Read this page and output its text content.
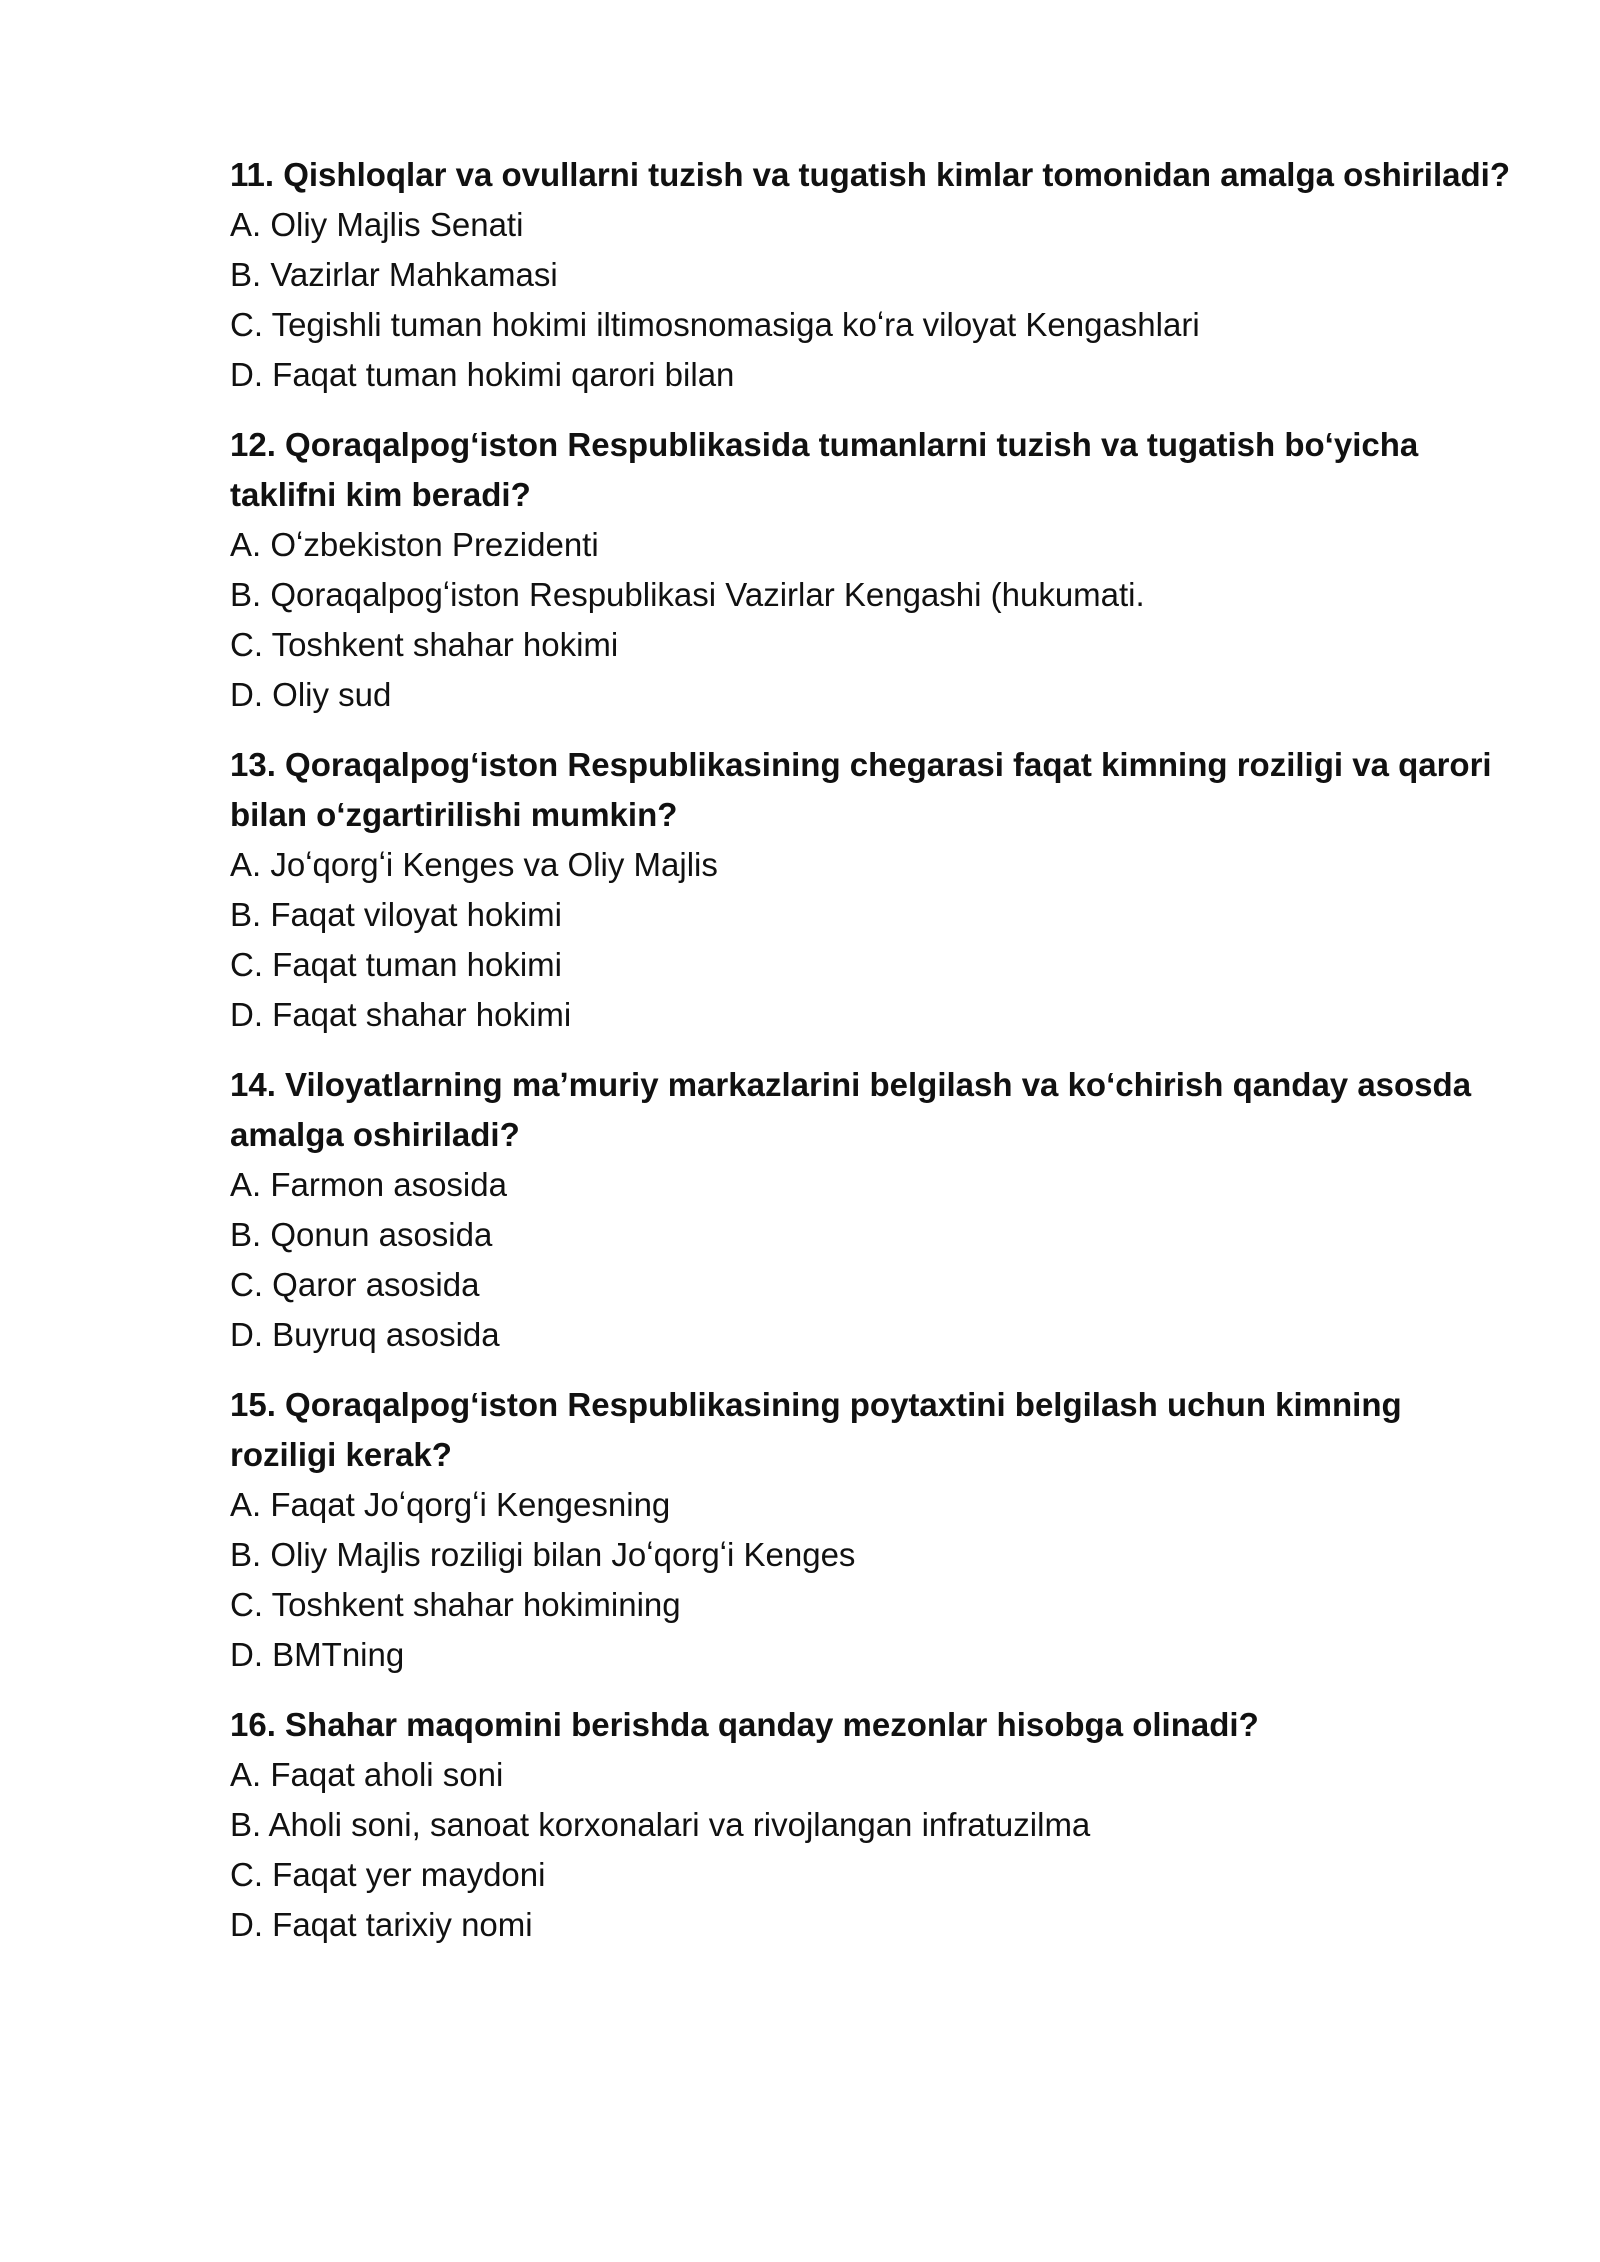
11. Qishloqlar va ovullarni tuzish va tugatish kimlar tomonidan amalga oshiriladi?

A. Oliy Majlis Senati

B. Vazirlar Mahkamasi

C. Tegishli tuman hokimi iltimosnomasiga koʻra viloyat Kengashlari

D. Faqat tuman hokimi qarori bilan

12. Qoraqalpogʻiston Respublikasida tumanlarni tuzish va tugatish boʻyicha taklifni kim beradi?

A. Oʻzbekiston Prezidenti

B. Qoraqalpogʻiston Respublikasi Vazirlar Kengashi (hukumati.

C. Toshkent shahar hokimi

D. Oliy sud

13. Qoraqalpogʻiston Respublikasining chegarasi faqat kimning roziligi va qarori bilan oʻzgartirilishi mumkin?

A. Joʻqorgʻi Kenges va Oliy Majlis

B. Faqat viloyat hokimi

C. Faqat tuman hokimi

D. Faqat shahar hokimi

14. Viloyatlarning maʼmuriy markazlarini belgilash va koʻchirish qanday asosda amalga oshiriladi?

A. Farmon asosida

B. Qonun asosida

C. Qaror asosida

D. Buyruq asosida

15. Qoraqalpogʻiston Respublikasining poytaxtini belgilash uchun kimning roziligi kerak?

A. Faqat Joʻqorgʻi Kengesning

B. Oliy Majlis roziligi bilan Joʻqorgʻi Kenges

C. Toshkent shahar hokimining

D. BMTning

16. Shahar maqomini berishda qanday mezonlar hisobga olinadi?

A. Faqat aholi soni

B. Aholi soni, sanoat korxonalari va rivojlangan infratuzilma

C. Faqat yer maydoni

D. Faqat tarixiy nomi
